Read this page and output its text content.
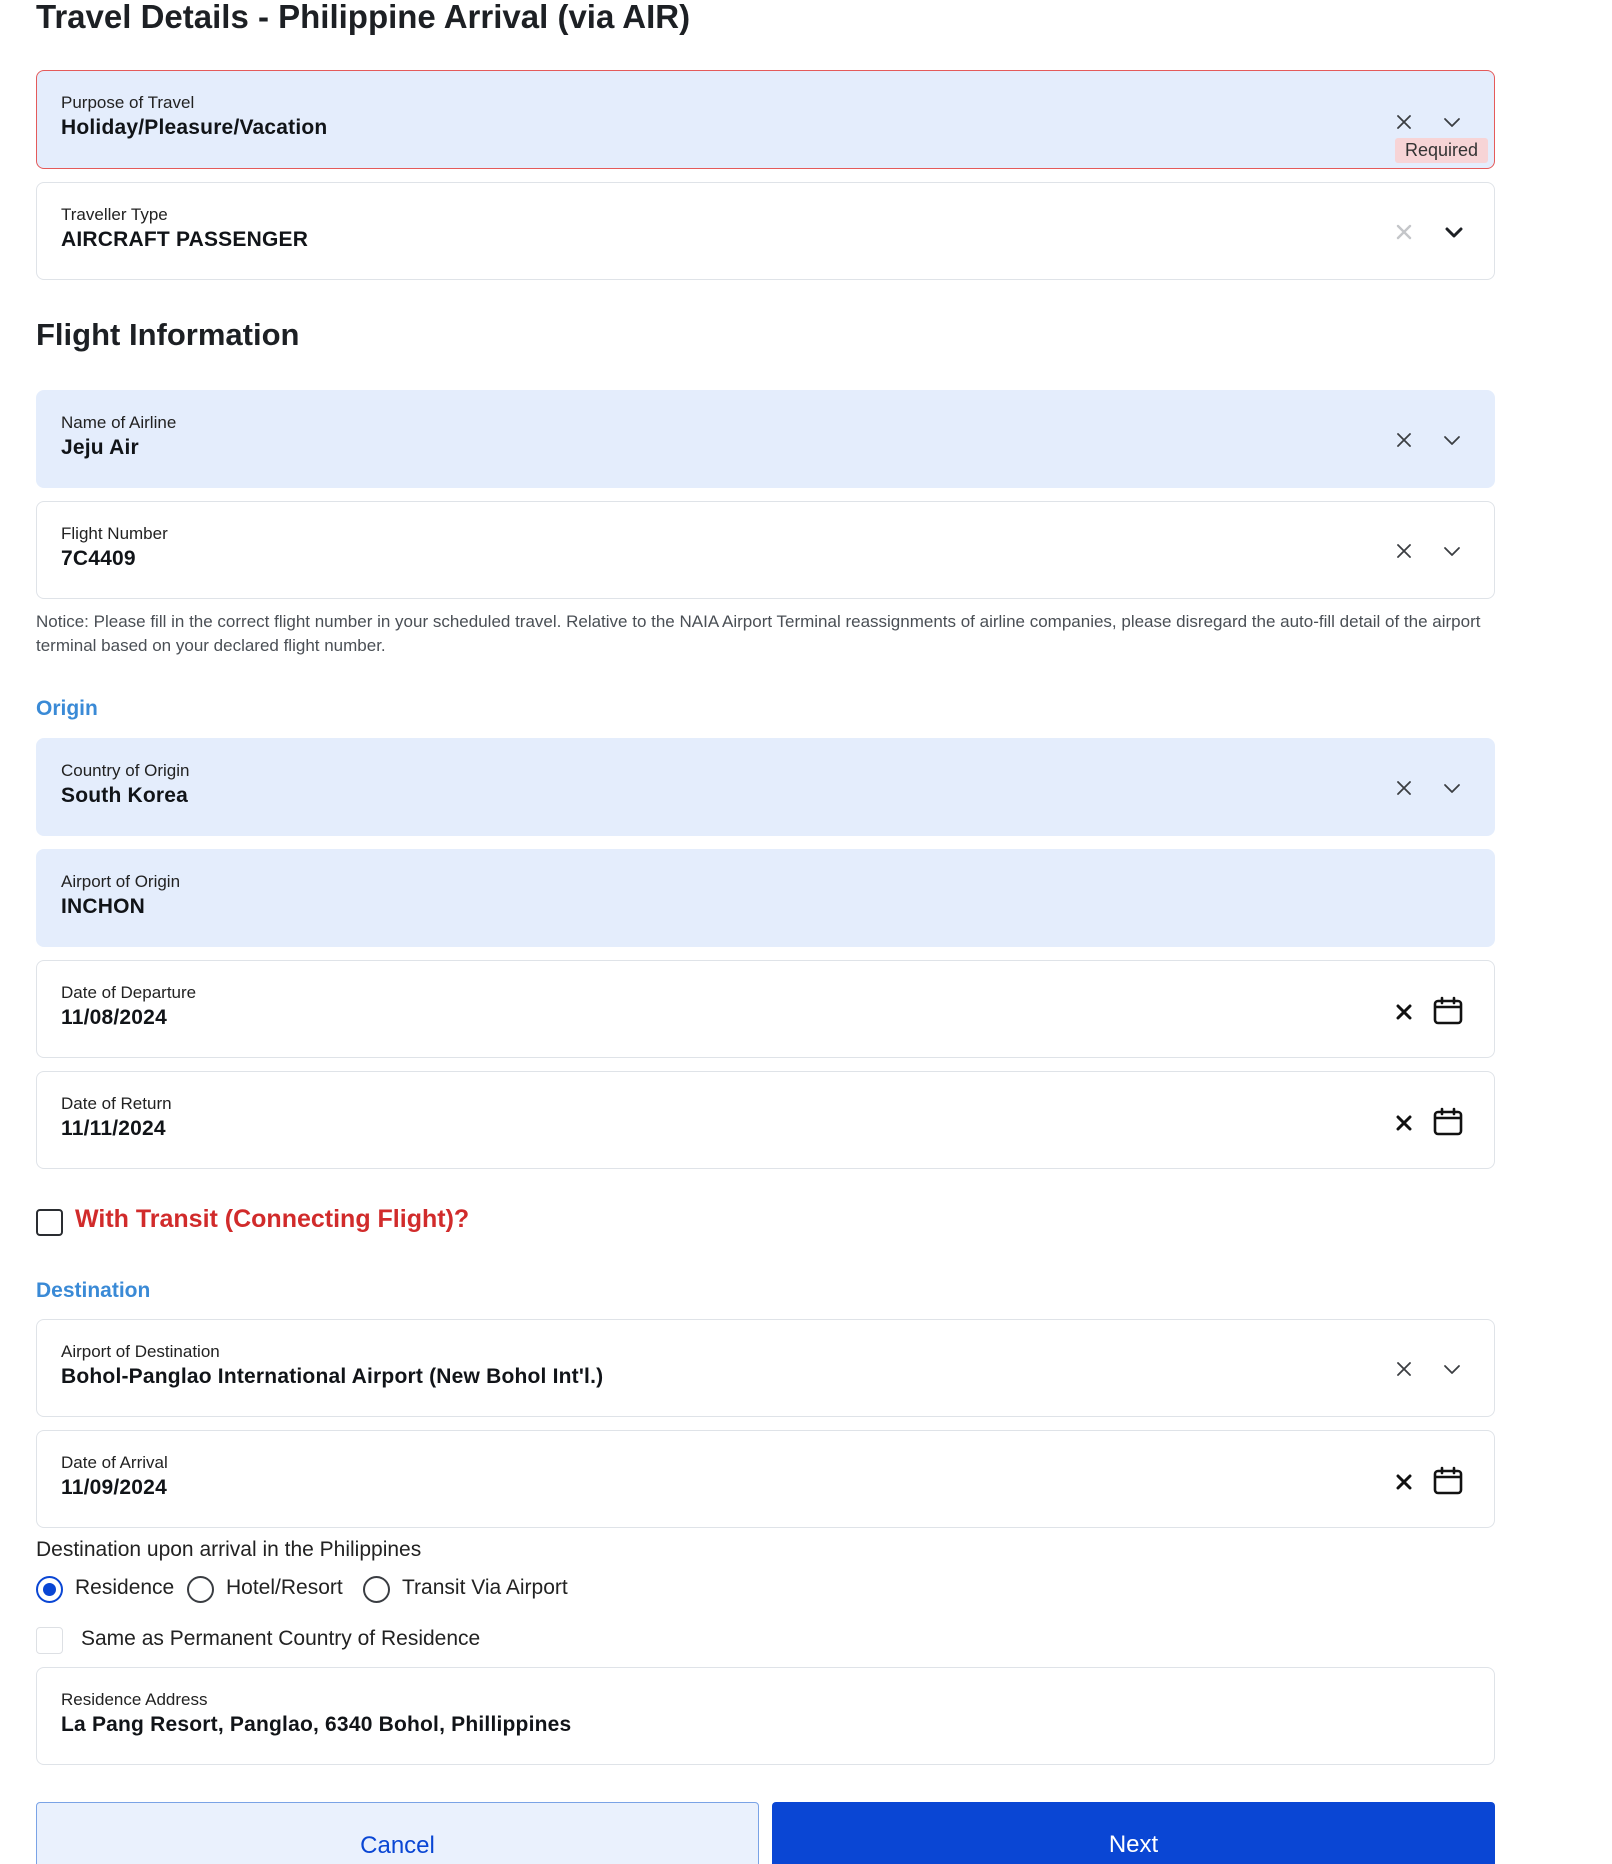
Travel Details - Philippine Arrival (via AIR)
Purpose of Travel
Holiday/Pleasure/Vacation
Required
Traveller Type
AIRCRAFT PASSENGER
Flight Information
Name of Airline
Jeju Air
Flight Number
7C4409
Notice: Please fill in the correct flight number in your scheduled travel. Relative to the NAIA Airport Terminal reassignments of airline companies, please disregard the auto-fill detail of the airport terminal based on your declared flight number.
Origin
Country of Origin
South Korea
Airport of Origin
INCHON
Date of Departure
11/08/2024
Date of Return
11/11/2024
With Transit (Connecting Flight)?
Destination
Airport of Destination
Bohol-Panglao International Airport (New Bohol Int'l.)
Date of Arrival
11/09/2024
Destination upon arrival in the Philippines
Residence Hotel/Resort	Transit Via Airport
Same as Permanent Country of Residence
Residence Address
La Pang Resort, Panglao, 6340 Bohol, Phillippines
Cancel	Next
